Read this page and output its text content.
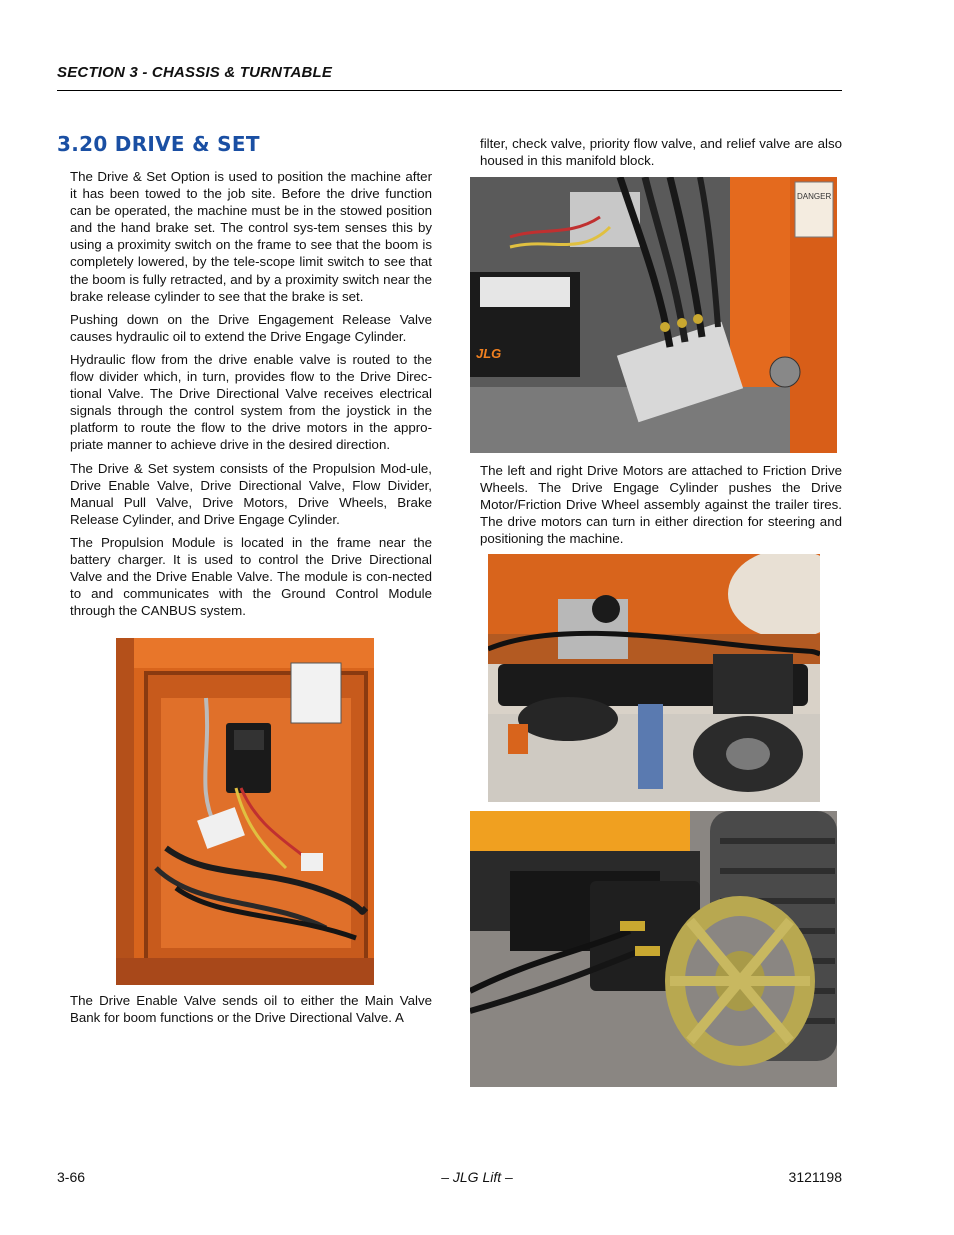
SECTION 3 - CHASSIS & TURNTABLE
3.20 DRIVE & SET

The Drive & Set Option is used to position the machine after it has been towed to the job site. Before the drive function can be operated, the machine must be in the stowed position and the hand brake set. The control sys-tem senses this by using a proximity switch on the frame to see that the boom is completely lowered, by the tele-scope limit switch to see that the boom is fully retracted, and by a proximity switch near the brake release cylinder to see that the brake is set.

Pushing down on the Drive Engagement Release Valve causes hydraulic oil to extend the Drive Engage Cylinder.

Hydraulic flow from the drive enable valve is routed to the flow divider which, in turn, provides flow to the Drive Direc-tional Valve. The Drive Directional Valve receives electrical signals through the control system from the joystick in the platform to route the flow to the drive motors in the appro-priate manner to achieve drive in the desired direction.

The Drive & Set system consists of the Propulsion Mod-ule, Drive Enable Valve, Drive Directional Valve, Flow Divider, Manual Pull Valve, Drive Motors, Drive Wheels, Brake Release Cylinder, and Drive Engage Cylinder.

The Propulsion Module is located in the frame near the battery charger. It is used to control the Drive Directional Valve and the Drive Enable Valve. The module is con-nected to and communicates with the Ground Control Module through the CANBUS system.

The Drive Enable Valve sends oil to either the Main Valve Bank for boom functions or the Drive Directional Valve. A

filter, check valve, priority flow valve, and relief valve are also housed in this manifold block.

DANGER
JLG

The left and right Drive Motors are attached to Friction Drive Wheels. The Drive Engage Cylinder pushes the Drive Motor/Friction Drive Wheel assembly against the trailer tires. The drive motors can turn in either direction for steering and positioning the machine.

3-66	– JLG Lift –	3121198
